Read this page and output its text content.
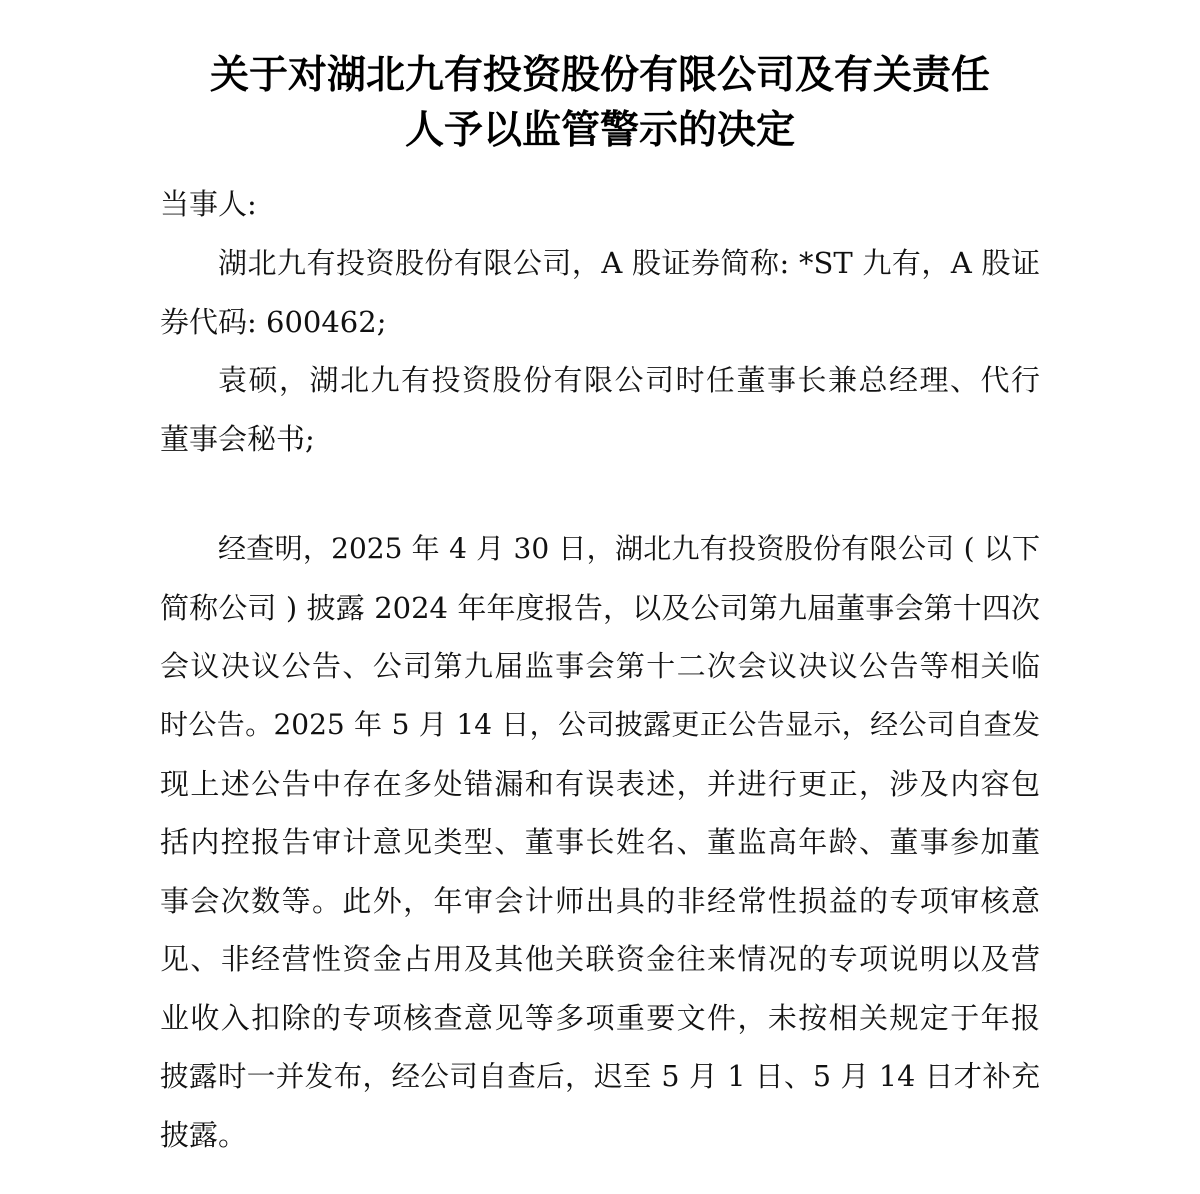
关于对湖北九有投资股份有限公司及有关责任
人予以监管警示的决定
当事人:
湖北九有投资股份有限公司，A 股证券简称: *ST 九有，A 股证
券代码: 600462;
袁硕，湖北九有投资股份有限公司时任董事长兼总经理、代行
董事会秘书;
经查明，2025 年 4 月 30 日，湖北九有投资股份有限公司 ( 以下
简称公司 ) 披露 2024 年年度报告，以及公司第九届董事会第十四次
会议决议公告、公司第九届监事会第十二次会议决议公告等相关临
时公告。2025 年 5 月 14 日，公司披露更正公告显示，经公司自查发
现上述公告中存在多处错漏和有误表述，并进行更正，涉及内容包
括内控报告审计意见类型、董事长姓名、董监高年龄、董事参加董
事会次数等。此外，年审会计师出具的非经常性损益的专项审核意
见、非经营性资金占用及其他关联资金往来情况的专项说明以及营
业收入扣除的专项核查意见等多项重要文件，未按相关规定于年报
披露时一并发布，经公司自查后，迟至 5 月 1 日、5 月 14 日才补充
披露。
